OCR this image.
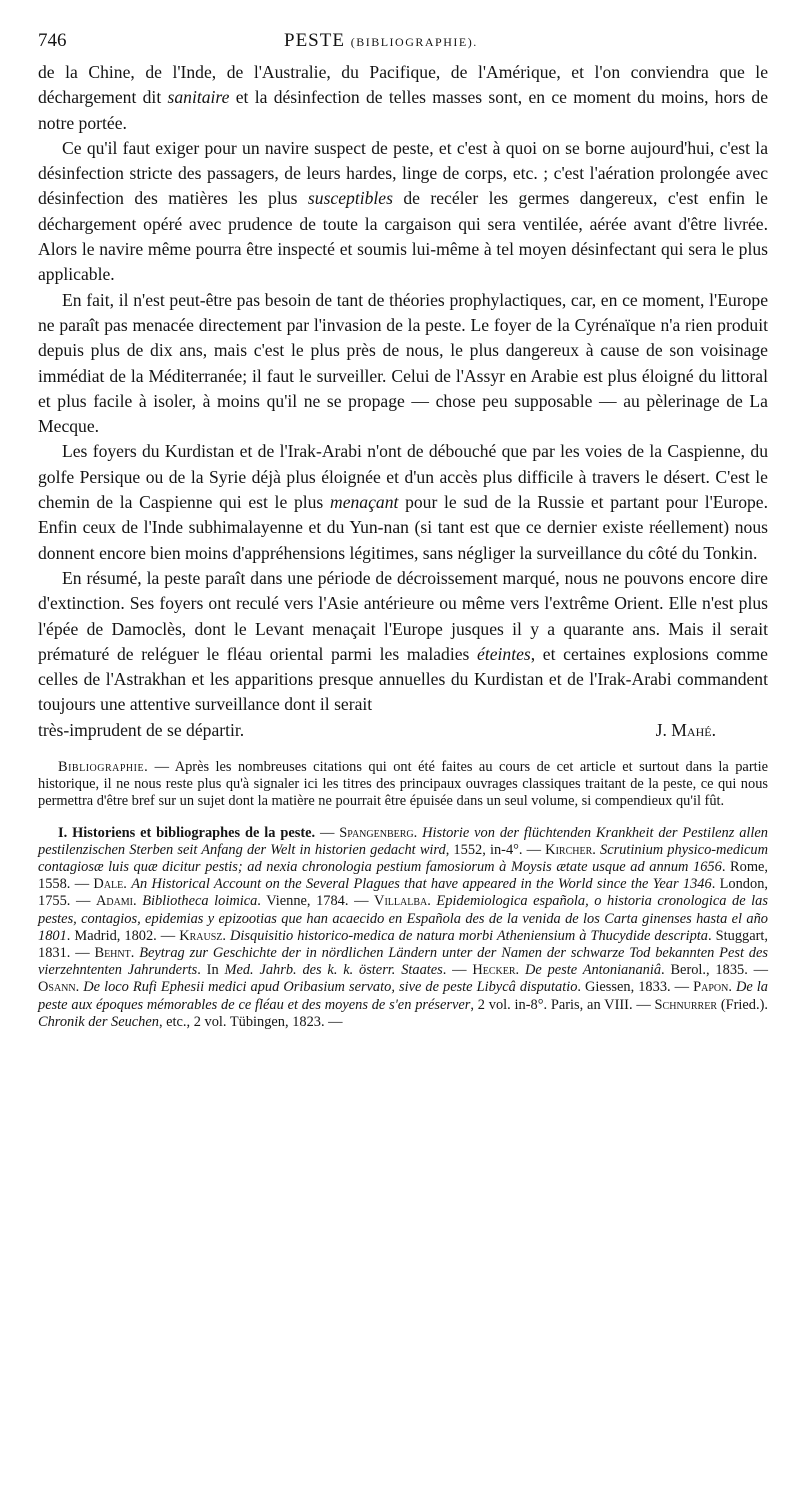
746	PESTE (BIBLIOGRAPHIE).

de la Chine, de l'Inde, de l'Australie, du Pacifique, de l'Amérique, et l'on conviendra que le déchargement dit sanitaire et la désinfection de telles masses sont, en ce moment du moins, hors de notre portée.

Ce qu'il faut exiger pour un navire suspect de peste, et c'est à quoi on se borne aujourd'hui, c'est la désinfection stricte des passagers, de leurs hardes, linge de corps, etc. ; c'est l'aération prolongée avec désinfection des matières les plus susceptibles de recéler les germes dangereux, c'est enfin le déchargement opéré avec prudence de toute la cargaison qui sera ventilée, aérée avant d'être livrée. Alors le navire même pourra être inspecté et soumis lui-même à tel moyen désinfectant qui sera le plus applicable.

En fait, il n'est peut-être pas besoin de tant de théories prophylactiques, car, en ce moment, l'Europe ne paraît pas menacée directement par l'invasion de la peste. Le foyer de la Cyrénaïque n'a rien produit depuis plus de dix ans, mais c'est le plus près de nous, le plus dangereux à cause de son voisinage immédiat de la Méditerranée; il faut le surveiller. Celui de l'Assyr en Arabie est plus éloigné du littoral et plus facile à isoler, à moins qu'il ne se propage — chose peu supposable — au pèlerinage de La Mecque.

Les foyers du Kurdistan et de l'Irak-Arabi n'ont de débouché que par les voies de la Caspienne, du golfe Persique ou de la Syrie déjà plus éloignée et d'un accès plus difficile à travers le désert. C'est le chemin de la Caspienne qui est le plus menaçant pour le sud de la Russie et partant pour l'Europe. Enfin ceux de l'Inde subhimalayenne et du Yun-nan (si tant est que ce dernier existe réellement) nous donnent encore bien moins d'appréhensions légitimes, sans négliger la surveillance du côté du Tonkin.

En résumé, la peste paraît dans une période de décroissement marqué, nous ne pouvons encore dire d'extinction. Ses foyers ont reculé vers l'Asie antérieure ou même vers l'extrême Orient. Elle n'est plus l'épée de Damoclès, dont le Levant menaçait l'Europe jusques il y a quarante ans. Mais il serait prématuré de reléguer le fléau oriental parmi les maladies éteintes, et certaines explosions comme celles de l'Astrakhan et les apparitions presque annuelles du Kurdistan et de l'Irak-Arabi commandent toujours une attentive surveillance dont il serait

très-imprudent de se départir.	J. Mahé.

Bibliographie. — Après les nombreuses citations qui ont été faites au cours de cet article et surtout dans la partie historique, il ne nous reste plus qu'à signaler ici les titres des principaux ouvrages classiques traitant de la peste, ce qui nous permettra d'être bref sur un sujet dont la matière ne pourrait être épuisée dans un seul volume, si compendieux qu'il fût.

I. Historiens et bibliographes de la peste. — Spangenberg. Historie von der flüchtenden Krankheit der Pestilenz allen pestilenzischen Sterben seit Anfang der Welt in historien gedacht wird, 1552, in-4°. — Kircher. Scrutinium physico-medicum contagiosæ luis quæ dicitur pestis; ad nexia chronologia pestium famosiorum à Moysis ætate usque ad annum 1656. Rome, 1558. — Dale. An Historical Account on the Several Plagues that have appeared in the World since the Year 1346. London, 1755. — Adami. Bibliotheca loimica. Vienne, 1784. — Villalba. Epidemiologica española, o historia cronologica de las pestes, contagios, epidemias y epizootias que han acaecido en Española des de la venida de los Carta ginenses hasta el año 1801. Madrid, 1802. — Krausz. Disquisitio historico-medica de natura morbi Atheniensium à Thucydide descripta. Stuggart, 1831. — Behnt. Beytrag zur Geschichte der in nördlichen Ländern unter der Namen der schwarze Tod bekannten Pest des vierzehntenten Jahrunderts. In Med. Jahrb. des k. k. österr. Staates. — Hecker. De peste Antoniananiâ. Berol., 1835. — Osann. De loco Rufi Ephesii medici apud Oribasium servato, sive de peste Libycâ disputatio. Giessen, 1833. — Papon. De la peste aux époques mémorables de ce fléau et des moyens de s'en préserver, 2 vol. in-8°. Paris, an VIII. — Schnurrer (Fried.). Chronik der Seuchen, etc., 2 vol. Tübingen, 1823. —
